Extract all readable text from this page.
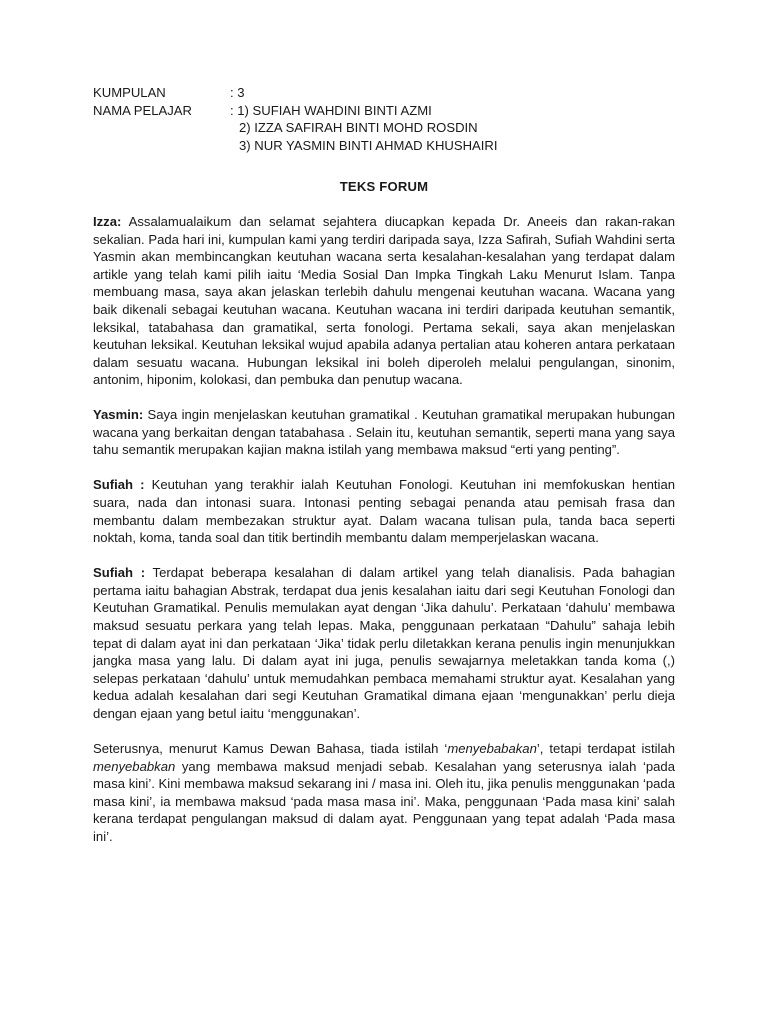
KUMPULAN	: 3
NAMA PELAJAR	: 1) SUFIAH WAHDINI BINTI AZMI
2) IZZA SAFIRAH BINTI MOHD ROSDIN
3) NUR YASMIN BINTI AHMAD KHUSHAIRI
TEKS FORUM

Izza: Assalamualaikum dan selamat sejahtera diucapkan kepada Dr. Aneeis dan rakan-rakan sekalian. Pada hari ini, kumpulan kami yang terdiri daripada saya, Izza Safirah, Sufiah Wahdini serta Yasmin akan membincangkan keutuhan wacana serta kesalahan-kesalahan yang terdapat dalam artikle yang telah kami pilih iaitu ‘Media Sosial Dan Impka Tingkah Laku Menurut Islam. Tanpa membuang masa, saya akan jelaskan terlebih dahulu mengenai keutuhan wacana. Wacana yang baik dikenali sebagai keutuhan wacana. Keutuhan wacana ini terdiri daripada keutuhan semantik, leksikal, tatabahasa dan gramatikal, serta fonologi. Pertama sekali, saya akan menjelaskan keutuhan leksikal. Keutuhan leksikal wujud apabila adanya pertalian atau koheren antara perkataan dalam sesuatu wacana. Hubungan leksikal ini boleh diperoleh melalui pengulangan, sinonim, antonim, hiponim, kolokasi, dan pembuka dan penutup wacana.

Yasmin: Saya ingin menjelaskan keutuhan gramatikal . Keutuhan gramatikal merupakan hubungan wacana yang berkaitan dengan tatabahasa . Selain itu, keutuhan semantik, seperti mana yang saya tahu semantik merupakan kajian makna istilah yang membawa maksud “erti yang penting”.

Sufiah : Keutuhan yang terakhir ialah Keutuhan Fonologi. Keutuhan ini memfokuskan hentian suara, nada dan intonasi suara. Intonasi penting sebagai penanda atau pemisah frasa dan membantu dalam membezakan struktur ayat. Dalam wacana tulisan pula, tanda baca seperti noktah, koma, tanda soal dan titik bertindih membantu dalam memperjelaskan wacana.

Sufiah : Terdapat beberapa kesalahan di dalam artikel yang telah dianalisis. Pada bahagian pertama iaitu bahagian Abstrak, terdapat dua jenis kesalahan iaitu dari segi Keutuhan Fonologi dan Keutuhan Gramatikal. Penulis memulakan ayat dengan ‘Jika dahulu’. Perkataan ‘dahulu’ membawa maksud sesuatu perkara yang telah lepas. Maka, penggunaan perkataan “Dahulu” sahaja lebih tepat di dalam ayat ini dan perkataan ‘Jika’ tidak perlu diletakkan kerana penulis ingin menunjukkan jangka masa yang lalu. Di dalam ayat ini juga, penulis sewajarnya meletakkan tanda koma (,) selepas perkataan ‘dahulu’ untuk memudahkan pembaca memahami struktur ayat. Kesalahan yang kedua adalah kesalahan dari segi Keutuhan Gramatikal dimana ejaan ‘mengunakkan’ perlu dieja dengan ejaan yang betul iaitu ‘menggunakan’.

Seterusnya, menurut Kamus Dewan Bahasa, tiada istilah ‘menyebabakan’, tetapi terdapat istilah menyebabkan yang membawa maksud menjadi sebab. Kesalahan yang seterusnya ialah ‘pada masa kini’. Kini membawa maksud sekarang ini / masa ini. Oleh itu, jika penulis menggunakan ‘pada masa kini’, ia membawa maksud ‘pada masa masa ini’. Maka, penggunaan ‘Pada masa kini’ salah kerana terdapat pengulangan maksud di dalam ayat. Penggunaan yang tepat adalah ‘Pada masa ini’.
